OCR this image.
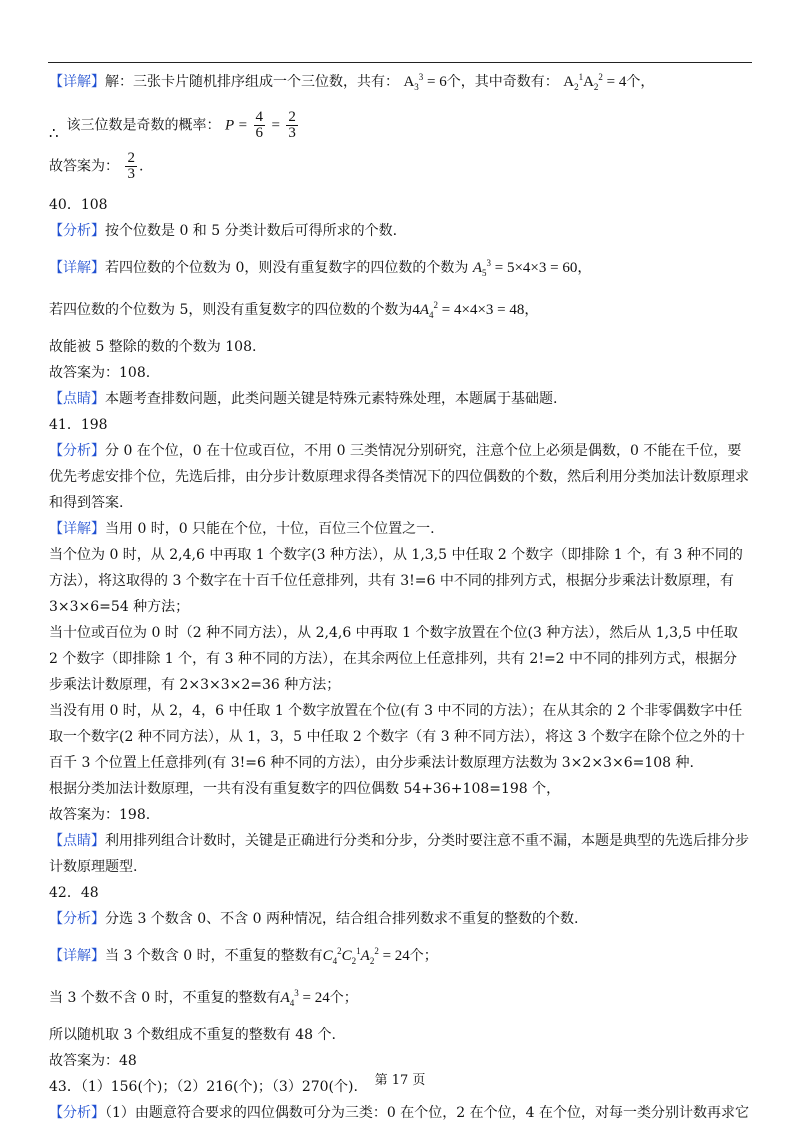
【详解】解：三张卡片随机排序组成一个三位数，共有： $A_3^3 = 6$个，其中奇数有： $A_2^1A_2^2 = 4$个，

∴ 该三位数是奇数的概率： $P = \frac{4}{6} = \frac{2}{3}$

故答案为： $\frac{2}{3}$ .

40．108

【分析】按个位数是 0 和 5 分类计数后可得所求的个数.

【详解】若四位数的个位数为 0，则没有重复数字的四位数的个数为 $A_5^3 = 5\times 4\times 3 = 60$，

若四位数的个位数为 5，则没有重复数字的四位数的个数为$4A_4^2 = 4\times 4\times 3 = 48$，

故能被 5 整除的数的个数为 108.

故答案为：108.

【点睛】本题考查排数问题，此类问题关键是特殊元素特殊处理，本题属于基础题.

41．198

【分析】分 0 在个位，0 在十位或百位，不用 0 三类情况分别研究，注意个位上必须是偶数，0 不能在千位，要优先考虑安排个位，先选后排，由分步计数原理求得各类情况下的四位偶数的个数，然后利用分类加法计数原理求和得到答案.

【详解】当用 0 时，0 只能在个位，十位，百位三个位置之一.

当个位为 0 时，从 2,4,6 中再取 1 个数字(3 种方法），从 1,3,5 中任取 2 个数字（即排除 1 个，有 3 种不同的方法），将这取得的 3 个数字在十百千位任意排列，共有 3!=6 中不同的排列方式，根据分步乘法计数原理，有 3×3×6=54 种方法；

当十位或百位为 0 时（2 种不同方法），从 2,4,6 中再取 1 个数字放置在个位(3 种方法），然后从 1,3,5 中任取 2 个数字（即排除 1 个，有 3 种不同的方法），在其余两位上任意排列，共有 2!=2 中不同的排列方式，根据分步乘法计数原理，有 2×3×3×2=36 种方法；

当没有用 0 时，从 2，4，6 中任取 1 个数字放置在个位(有 3 中不同的方法）；在从其余的 2 个非零偶数字中任取一个数字(2 种不同方法），从 1，3，5 中任取 2 个数字（有 3 种不同方法），将这 3 个数字在除个位之外的十百千 3 个位置上任意排列(有 3!=6 种不同的方法），由分步乘法计数原理方法数为 3×2×3×6=108 种.

根据分类加法计数原理，一共有没有重复数字的四位偶数 54+36+108=198 个，

故答案为：198.

【点睛】利用排列组合计数时，关键是正确进行分类和分步，分类时要注意不重不漏，本题是典型的先选后排分步计数原理题型.

42．48

【分析】分选 3 个数含 0、不含 0 两种情况，结合组合排列数求不重复的整数的个数.

【详解】当 3 个数含 0 时，不重复的整数有$C_4^2C_2^1A_2^2 = 24$个；

当 3 个数不含 0 时，不重复的整数有$A_4^3 = 24$个；

所以随机取 3 个数组成不重复的整数有 48 个.

故答案为：48

43．（1）156(个)；（2）216(个)；（3）270(个).

【分析】（1）由题意符合要求的四位偶数可分为三类：0 在个位，2 在个位，4 在个位，对每一类分别计数再求它

第 17 页
